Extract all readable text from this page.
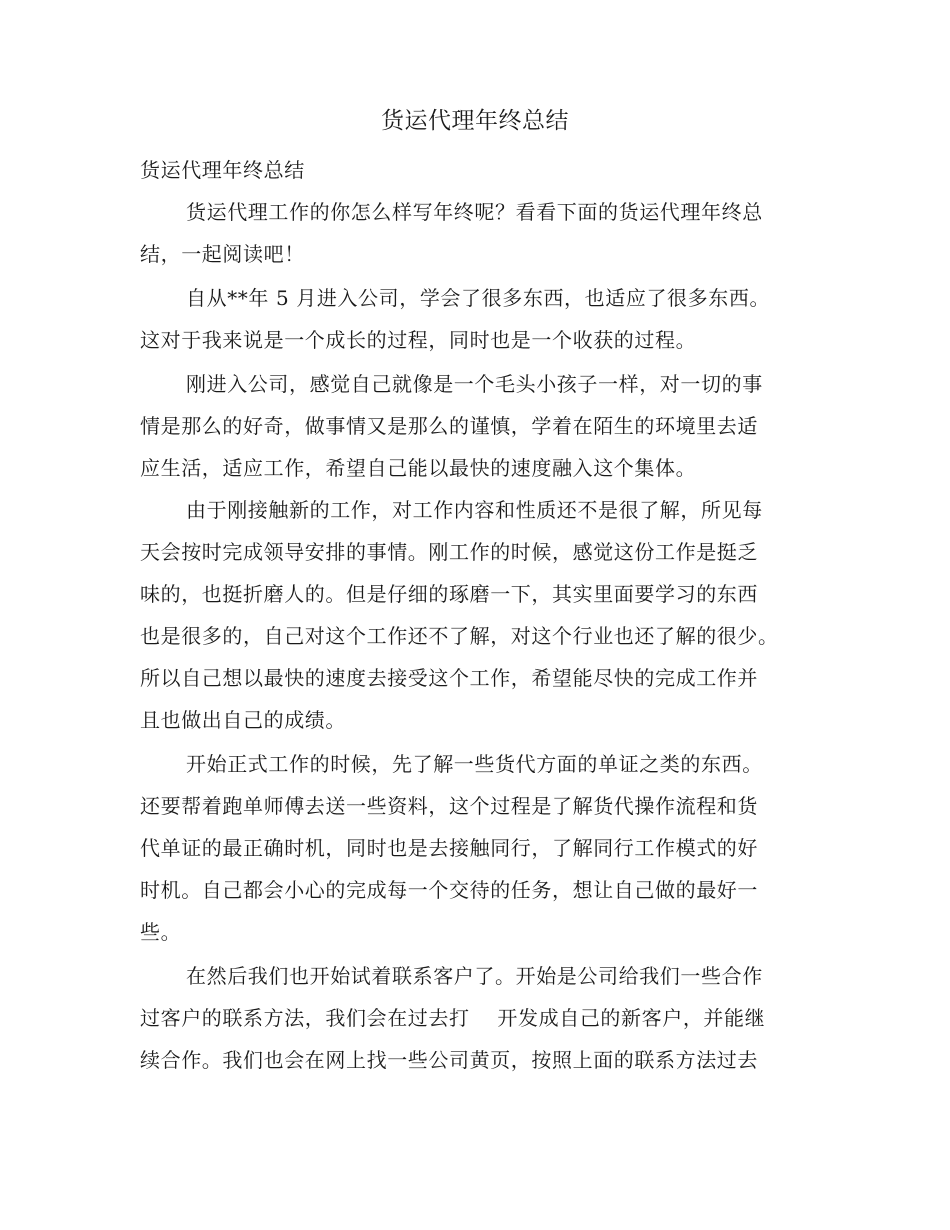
货运代理年终总结
货运代理年终总结
货运代理工作的你怎么样写年终呢？看看下面的货运代理年终总
结，一起阅读吧！
自从**年 5 月进入公司，学会了很多东西，也适应了很多东西。
这对于我来说是一个成长的过程，同时也是一个收获的过程。
刚进入公司，感觉自己就像是一个毛头小孩子一样，对一切的事
情是那么的好奇，做事情又是那么的谨慎，学着在陌生的环境里去适
应生活，适应工作，希望自己能以最快的速度融入这个集体。
由于刚接触新的工作，对工作内容和性质还不是很了解，所见每
天会按时完成领导安排的事情。刚工作的时候，感觉这份工作是挺乏
味的，也挺折磨人的。但是仔细的琢磨一下，其实里面要学习的东西
也是很多的，自己对这个工作还不了解，对这个行业也还了解的很少。
所以自己想以最快的速度去接受这个工作，希望能尽快的完成工作并
且也做出自己的成绩。
开始正式工作的时候，先了解一些货代方面的单证之类的东西。
还要帮着跑单师傅去送一些资料，这个过程是了解货代操作流程和货
代单证的最正确时机，同时也是去接触同行，了解同行工作模式的好
时机。自己都会小心的完成每一个交待的任务，想让自己做的最好一
些。
在然后我们也开始试着联系客户了。开始是公司给我们一些合作
过客户的联系方法，我们会在过去打    开发成自己的新客户，并能继
续合作。我们也会在网上找一些公司黄页，按照上面的联系方法过去
